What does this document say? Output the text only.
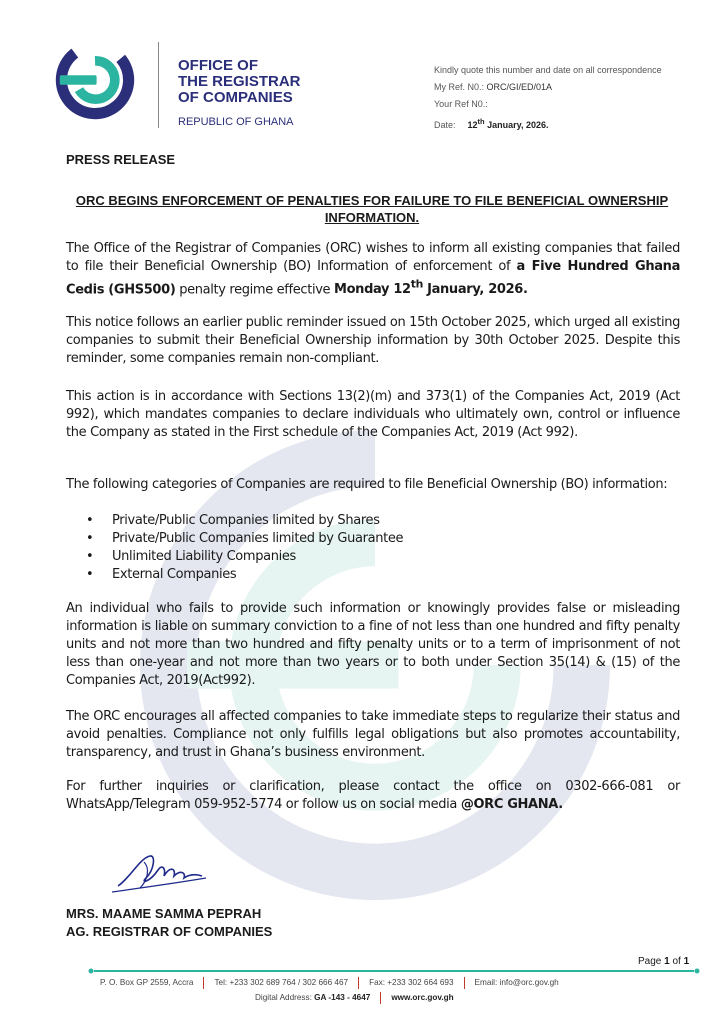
OFFICE OF
THE REGISTRAR
OF COMPANIES
REPUBLIC OF GHANA
Kindly quote this number and date on all correspondence
My Ref. N0.: ORC/GI/ED/01A
Your Ref N0.:
Date: 12th January, 2026.
PRESS RELEASE
ORC BEGINS ENFORCEMENT OF PENALTIES FOR FAILURE TO FILE BENEFICIAL OWNERSHIP INFORMATION.
The Office of the Registrar of Companies (ORC) wishes to inform all existing companies that failed to file their Beneficial Ownership (BO) Information of enforcement of a Five Hundred Ghana Cedis (GHS500) penalty regime effective Monday 12th January, 2026.
This notice follows an earlier public reminder issued on 15th October 2025, which urged all existing companies to submit their Beneficial Ownership information by 30th October 2025. Despite this reminder, some companies remain non-compliant.
This action is in accordance with Sections 13(2)(m) and 373(1) of the Companies Act, 2019 (Act 992), which mandates companies to declare individuals who ultimately own, control or influence the Company as stated in the First schedule of the Companies Act, 2019 (Act 992).
The following categories of Companies are required to file Beneficial Ownership (BO) information:
• Private/Public Companies limited by Shares
• Private/Public Companies limited by Guarantee
• Unlimited Liability Companies
• External Companies
An individual who fails to provide such information or knowingly provides false or misleading information is liable on summary conviction to a fine of not less than one hundred and fifty penalty units and not more than two hundred and fifty penalty units or to a term of imprisonment of not less than one-year and not more than two years or to both under Section 35(14) & (15) of the Companies Act, 2019(Act992).
The ORC encourages all affected companies to take immediate steps to regularize their status and avoid penalties. Compliance not only fulfills legal obligations but also promotes accountability, transparency, and trust in Ghana’s business environment.
For further inquiries or clarification, please contact the office on 0302-666-081 or WhatsApp/Telegram 059-952-5774 or follow us on social media @ORC GHANA.
MRS. MAAME SAMMA PEPRAH
AG. REGISTRAR OF COMPANIES
Page 1 of 1
P. O. Box GP 2559, Accra	Tel: +233 302 689 764 / 302 666 467	Fax: +233 302 664 693	Email: info@orc.gov.gh
Digital Address: GA -143 - 4647	www.orc.gov.gh
